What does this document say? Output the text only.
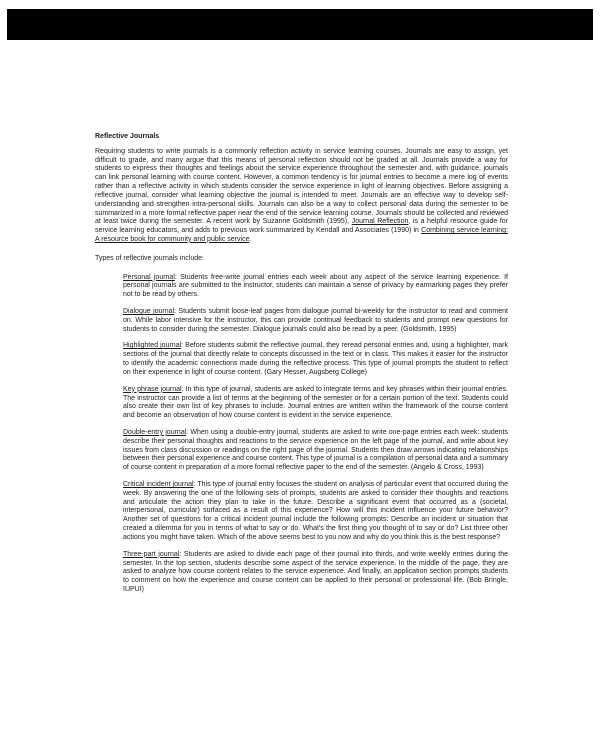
Reflective Journals

Requiring students to write journals is a commonly reflection activity in service learning courses. Journals are easy to assign, yet difficult to grade, and many argue that this means of personal reflection should not be graded at all. Journals provide a way for students to express their thoughts and feelings about the service experience throughout the semester and, with guidance, journals can link personal learning with course content. However, a common tendency is for journal entries to become a mere log of events rather than a reflective activity in which students consider the service experience in light of learning objectives. Before assigning a reflective journal, consider what learning objective the journal is intended to meet. Journals are an effective way to develop self-understanding and strengthen intra-personal skills. Journals can also be a way to collect personal data during the semester to be summarized in a more formal reflective paper near the end of the service learning course. Journals should be collected and reviewed at least twice during the semester. A recent work by Suzanne Goldsmith (1995), Journal Reflection, is a helpful resource guide for service learning educators, and adds to previous work summarized by Kendall and Associates (1990) in Combining service learning: A resource book for community and public service.

Types of reflective journals include:

Personal journal: Students free-write journal entries each week about any aspect of the service learning experience. If personal journals are submitted to the instructor, students can maintain a sense of privacy by earmarking pages they prefer not to be read by others.

Dialogue journal: Students submit loose-leaf pages from dialogue journal bi-weekly for the instructor to read and comment on. While labor intensive for the instructor, this can provide continual feedback to students and prompt new questions for students to consider during the semester. Dialogue journals could also be read by a peer. (Goldsmith, 1995)

Highlighted journal: Before students submit the reflective journal, they reread personal entries and, using a highlighter, mark sections of the journal that directly relate to concepts discussed in the text or in class. This makes it easier for the instructor to identify the academic connections made during the reflective process. This type of journal prompts the student to reflect on their experience in light of course content. (Gary Hesser, Augsberg College)

Key phrase journal: In this type of journal, students are asked to integrate terms and key phrases within their journal entries. The instructor can provide a list of terms at the beginning of the semester or for a certain portion of the text. Students could also create their own list of key phrases to include. Journal entries are written within the framework of the course content and become an observation of how course content is evident in the service experience.

Double-entry journal: When using a double-entry journal, students are asked to write one-page entries each week: students describe their personal thoughts and reactions to the service experience on the left page of the journal, and write about key issues from class discussion or readings on the right page of the journal. Students then draw arrows indicating relationships between their personal experience and course content. This type of journal is a compilation of personal data and a summary of course content in preparation of a more formal reflective paper to the end of the semester. (Angelo & Cross, 1993)

Critical incident journal: This type of journal entry focuses the student on analysis of particular event that occurred during the week. By answering the one of the following sets of prompts, students are asked to consider their thoughts and reactions and articulate the action they plan to take in the future. Describe a significant event that occurred as a (societal, interpersonal, curricular) surfaced as a result of this experience? How will this incident influence your future behavior? Another set of questions for a critical incident journal include the following prompts: Describe an incident or situation that created a dilemma for you in terms of what to say or do. What's the first thing you thought of to say or do? List three other actions you might have taken. Which of the above seems best to you now and why do you think this is the best response?

Three-part journal: Students are asked to divide each page of their journal into thirds, and write weekly entries during the semester. In the top section, students describe some aspect of the service experience. In the middle of the page, they are asked to analyze how course content relates to the service experience. And finally, an application section prompts students to comment on how the experience and course content can be applied to their personal or professional life. (Bob Bringle, IUPUI)
